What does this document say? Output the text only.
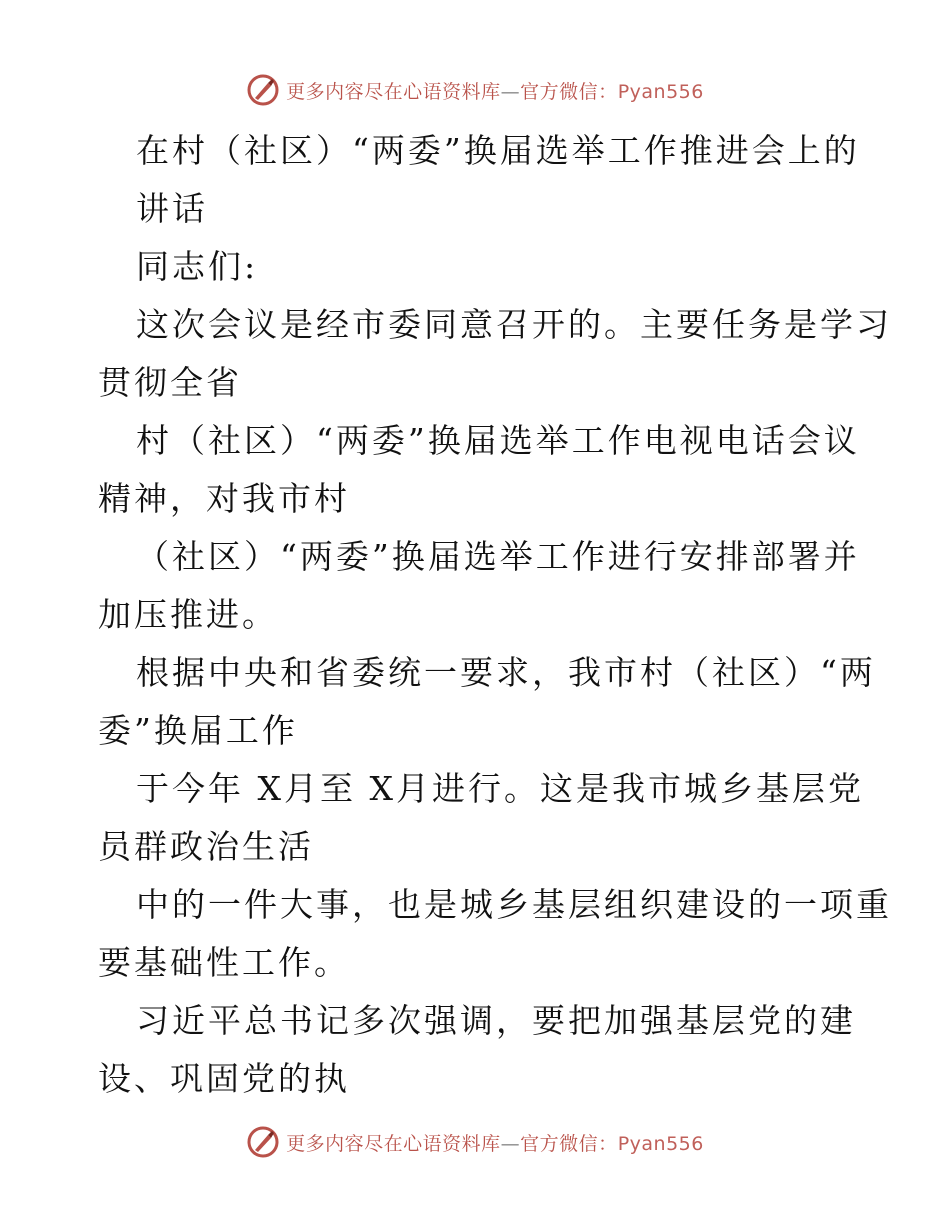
更多内容尽在心语资料库—官方微信：Pyan556
在村（社区）“两委”换届选举工作推进会上的
讲话
同志们:
这次会议是经市委同意召开的。主要任务是学习
贯彻全省
村（社区）“两委”换届选举工作电视电话会议
精神，对我市村
（社区）“两委”换届选举工作进行安排部署并
加压推进。
根据中央和省委统一要求，我市村（社区）“两
委”换届工作
于今年 X月至 X月进行。这是我市城乡基层党
员群政治生活
中的一件大事，也是城乡基层组织建设的一项重
要基础性工作。
习近平总书记多次强调，要把加强基层党的建
设、巩固党的执
更多内容尽在心语资料库—官方微信：Pyan556
